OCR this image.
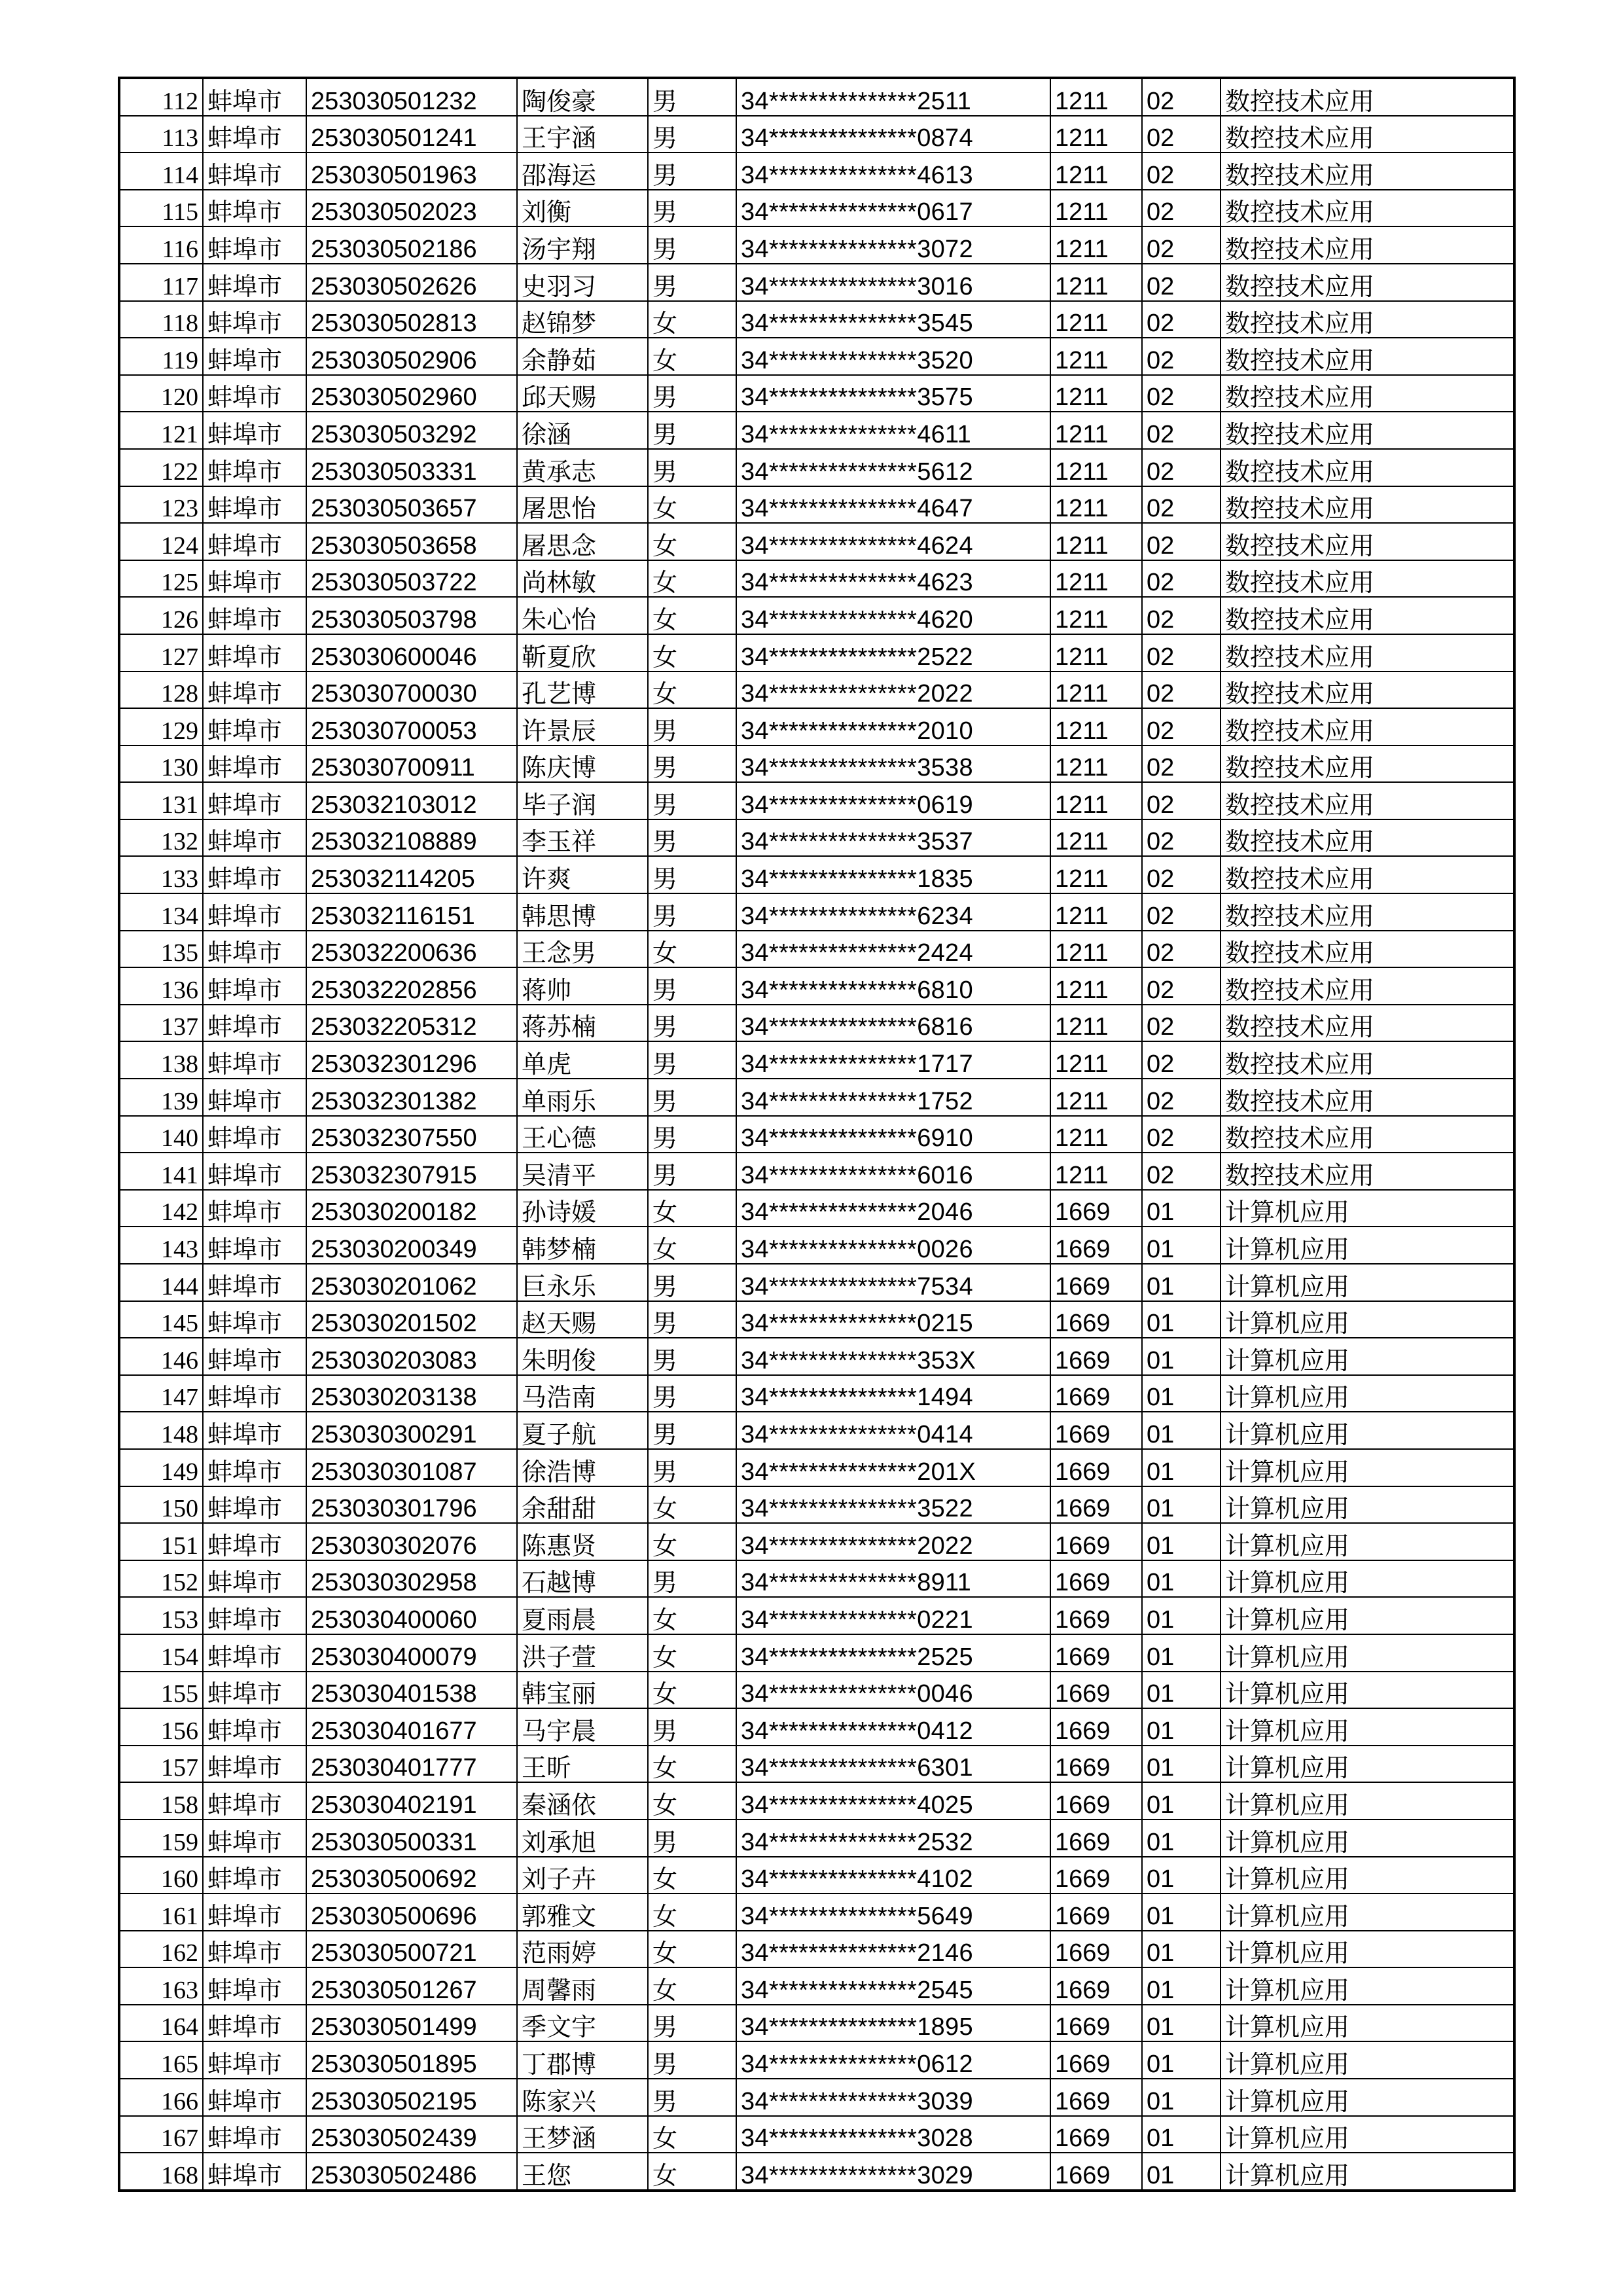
112	蚌埠市	253030501232	陶俊豪	男	34***************2511	1211	02	数控技术应用
113	蚌埠市	253030501241	王宇涵	男	34***************0874	1211	02	数控技术应用
114	蚌埠市	253030501963	邵海运	男	34***************4613	1211	02	数控技术应用
115	蚌埠市	253030502023	刘衡	男	34***************0617	1211	02	数控技术应用
116	蚌埠市	253030502186	汤宇翔	男	34***************3072	1211	02	数控技术应用
117	蚌埠市	253030502626	史羽习	男	34***************3016	1211	02	数控技术应用
118	蚌埠市	253030502813	赵锦梦	女	34***************3545	1211	02	数控技术应用
119	蚌埠市	253030502906	余静茹	女	34***************3520	1211	02	数控技术应用
120	蚌埠市	253030502960	邱天赐	男	34***************3575	1211	02	数控技术应用
121	蚌埠市	253030503292	徐涵	男	34***************4611	1211	02	数控技术应用
122	蚌埠市	253030503331	黄承志	男	34***************5612	1211	02	数控技术应用
123	蚌埠市	253030503657	屠思怡	女	34***************4647	1211	02	数控技术应用
124	蚌埠市	253030503658	屠思念	女	34***************4624	1211	02	数控技术应用
125	蚌埠市	253030503722	尚林敏	女	34***************4623	1211	02	数控技术应用
126	蚌埠市	253030503798	朱心怡	女	34***************4620	1211	02	数控技术应用
127	蚌埠市	253030600046	靳夏欣	女	34***************2522	1211	02	数控技术应用
128	蚌埠市	253030700030	孔艺博	女	34***************2022	1211	02	数控技术应用
129	蚌埠市	253030700053	许景辰	男	34***************2010	1211	02	数控技术应用
130	蚌埠市	253030700911	陈庆博	男	34***************3538	1211	02	数控技术应用
131	蚌埠市	253032103012	毕子润	男	34***************0619	1211	02	数控技术应用
132	蚌埠市	253032108889	李玉祥	男	34***************3537	1211	02	数控技术应用
133	蚌埠市	253032114205	许爽	男	34***************1835	1211	02	数控技术应用
134	蚌埠市	253032116151	韩思博	男	34***************6234	1211	02	数控技术应用
135	蚌埠市	253032200636	王念男	女	34***************2424	1211	02	数控技术应用
136	蚌埠市	253032202856	蒋帅	男	34***************6810	1211	02	数控技术应用
137	蚌埠市	253032205312	蒋苏楠	男	34***************6816	1211	02	数控技术应用
138	蚌埠市	253032301296	单虎	男	34***************1717	1211	02	数控技术应用
139	蚌埠市	253032301382	单雨乐	男	34***************1752	1211	02	数控技术应用
140	蚌埠市	253032307550	王心德	男	34***************6910	1211	02	数控技术应用
141	蚌埠市	253032307915	吴清平	男	34***************6016	1211	02	数控技术应用
142	蚌埠市	253030200182	孙诗媛	女	34***************2046	1669	01	计算机应用
143	蚌埠市	253030200349	韩梦楠	女	34***************0026	1669	01	计算机应用
144	蚌埠市	253030201062	巨永乐	男	34***************7534	1669	01	计算机应用
145	蚌埠市	253030201502	赵天赐	男	34***************0215	1669	01	计算机应用
146	蚌埠市	253030203083	朱明俊	男	34***************353X	1669	01	计算机应用
147	蚌埠市	253030203138	马浩南	男	34***************1494	1669	01	计算机应用
148	蚌埠市	253030300291	夏子航	男	34***************0414	1669	01	计算机应用
149	蚌埠市	253030301087	徐浩博	男	34***************201X	1669	01	计算机应用
150	蚌埠市	253030301796	余甜甜	女	34***************3522	1669	01	计算机应用
151	蚌埠市	253030302076	陈惠贤	女	34***************2022	1669	01	计算机应用
152	蚌埠市	253030302958	石越博	男	34***************8911	1669	01	计算机应用
153	蚌埠市	253030400060	夏雨晨	女	34***************0221	1669	01	计算机应用
154	蚌埠市	253030400079	洪子萱	女	34***************2525	1669	01	计算机应用
155	蚌埠市	253030401538	韩宝丽	女	34***************0046	1669	01	计算机应用
156	蚌埠市	253030401677	马宇晨	男	34***************0412	1669	01	计算机应用
157	蚌埠市	253030401777	王昕	女	34***************6301	1669	01	计算机应用
158	蚌埠市	253030402191	秦涵依	女	34***************4025	1669	01	计算机应用
159	蚌埠市	253030500331	刘承旭	男	34***************2532	1669	01	计算机应用
160	蚌埠市	253030500692	刘子卉	女	34***************4102	1669	01	计算机应用
161	蚌埠市	253030500696	郭雅文	女	34***************5649	1669	01	计算机应用
162	蚌埠市	253030500721	范雨婷	女	34***************2146	1669	01	计算机应用
163	蚌埠市	253030501267	周馨雨	女	34***************2545	1669	01	计算机应用
164	蚌埠市	253030501499	季文宇	男	34***************1895	1669	01	计算机应用
165	蚌埠市	253030501895	丁郡博	男	34***************0612	1669	01	计算机应用
166	蚌埠市	253030502195	陈家兴	男	34***************3039	1669	01	计算机应用
167	蚌埠市	253030502439	王梦涵	女	34***************3028	1669	01	计算机应用
168	蚌埠市	253030502486	王您	女	34***************3029	1669	01	计算机应用
